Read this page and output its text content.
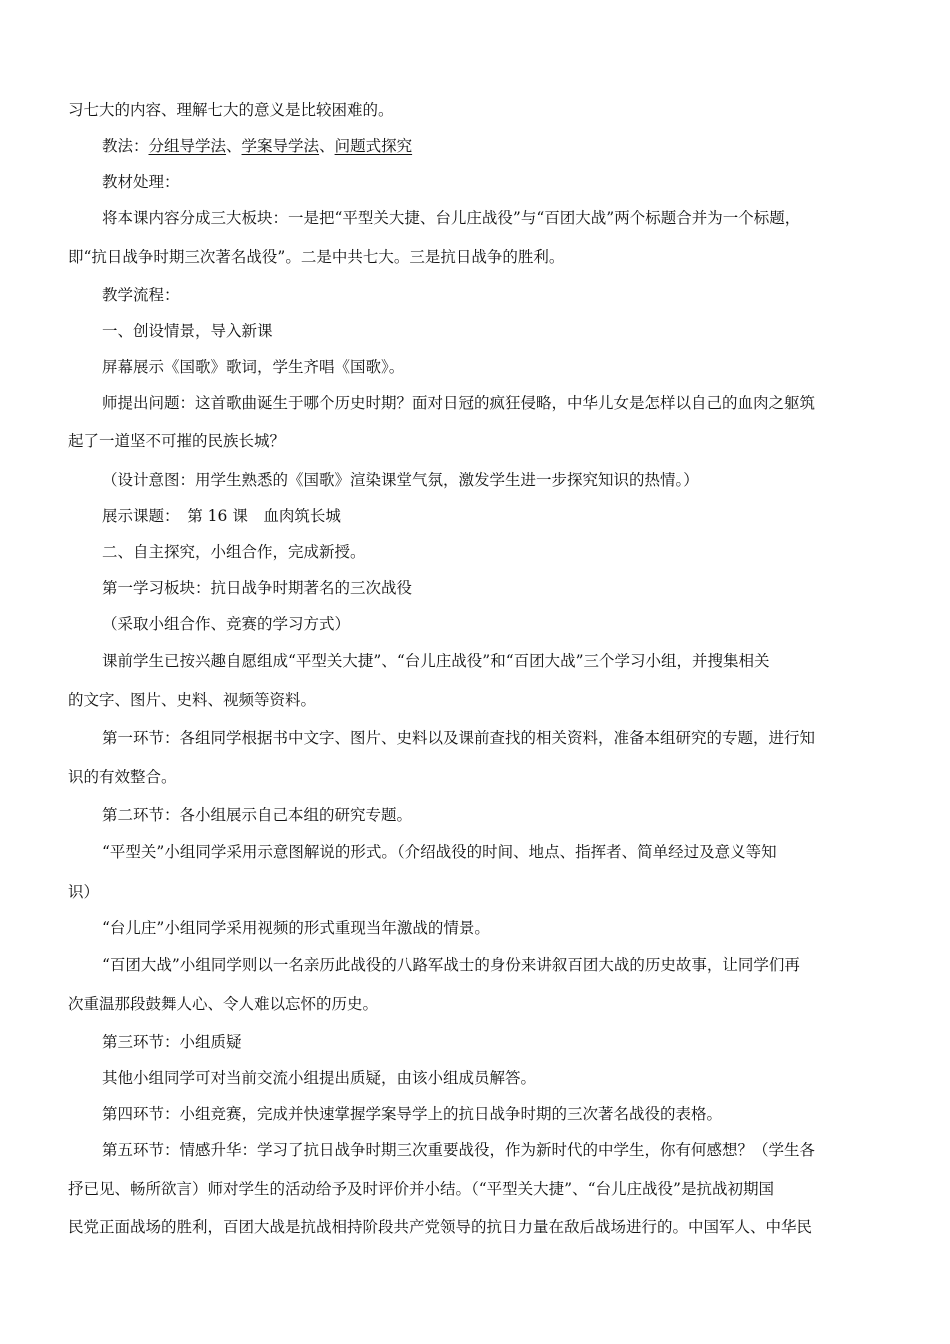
习七大的内容、理解七大的意义是比较困难的。
教法：分组导学法、学案导学法、问题式探究
教材处理：
将本课内容分成三大板块：一是把“平型关大捷、台儿庄战役”与“百团大战”两个标题合并为一个标题，
即“抗日战争时期三次著名战役”。二是中共七大。三是抗日战争的胜利。
教学流程：
一、创设情景，导入新课
屏幕展示《国歌》歌词，学生齐唱《国歌》。
师提出问题：这首歌曲诞生于哪个历史时期？面对日冠的疯狂侵略，中华儿女是怎样以自己的血肉之躯筑
起了一道坚不可摧的民族长城？
（设计意图：用学生熟悉的《国歌》渲染课堂气氛，激发学生进一步探究知识的热情。）
展示课题：　第 16 课　血肉筑长城
二、自主探究，小组合作，完成新授。
第一学习板块：抗日战争时期著名的三次战役
（采取小组合作、竞赛的学习方式）
课前学生已按兴趣自愿组成“平型关大捷”、“台儿庄战役”和“百团大战”三个学习小组，并搜集相关
的文字、图片、史料、视频等资料。
第一环节：各组同学根据书中文字、图片、史料以及课前查找的相关资料，准备本组研究的专题，进行知
识的有效整合。
第二环节：各小组展示自己本组的研究专题。
“平型关”小组同学采用示意图解说的形式。（介绍战役的时间、地点、指挥者、简单经过及意义等知
识）
“台儿庄”小组同学采用视频的形式重现当年激战的情景。
“百团大战”小组同学则以一名亲历此战役的八路军战士的身份来讲叙百团大战的历史故事，让同学们再
次重温那段鼓舞人心、令人难以忘怀的历史。
第三环节：小组质疑
其他小组同学可对当前交流小组提出质疑，由该小组成员解答。
第四环节：小组竞赛，完成并快速掌握学案导学上的抗日战争时期的三次著名战役的表格。
第五环节：情感升华：学习了抗日战争时期三次重要战役，作为新时代的中学生，你有何感想？（学生各
抒已见、畅所欲言）师对学生的活动给予及时评价并小结。（“平型关大捷”、“台儿庄战役”是抗战初期国
民党正面战场的胜利，百团大战是抗战相持阶段共产党领导的抗日力量在敌后战场进行的。中国军人、中华民
